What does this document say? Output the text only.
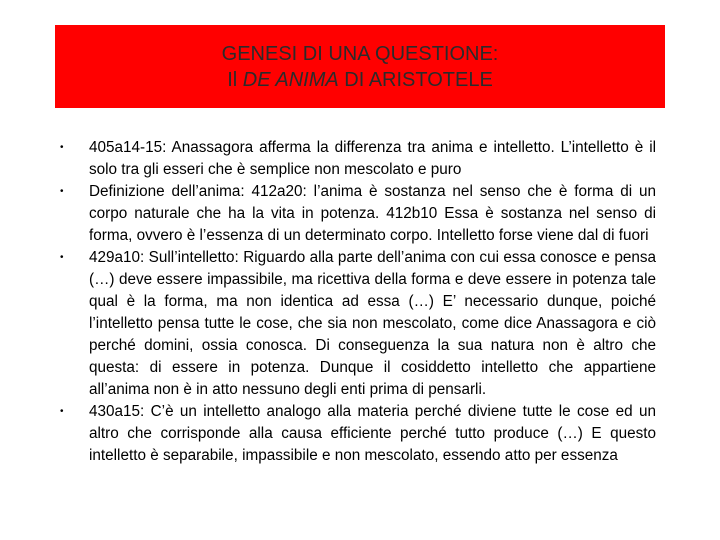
GENESI DI UNA QUESTIONE:
Il DE ANIMA DI ARISTOTELE
•	405a14-15: Anassagora afferma la differenza tra anima e intelletto. L’intelletto è il solo tra gli esseri che è semplice non mescolato e puro
•	Definizione dell’anima: 412a20: l’anima è sostanza nel senso che è forma di un corpo naturale che ha la vita in potenza. 412b10 Essa è sostanza nel senso di forma, ovvero è l’essenza di un determinato corpo. Intelletto forse viene dal di fuori
•	429a10: Sull’intelletto: Riguardo alla parte dell’anima con cui essa conosce e pensa (…) deve essere impassibile, ma ricettiva della forma e deve essere in potenza tale qual è la forma, ma non identica ad essa (…) E’ necessario dunque, poiché l’intelletto pensa tutte le cose, che sia non mescolato, come dice Anassagora e ciò perché domini, ossia conosca. Di conseguenza la sua natura non è altro che questa: di essere in potenza. Dunque il cosiddetto intelletto che appartiene all’anima non è in atto nessuno degli enti prima di pensarli.
•	430a15: C’è un intelletto analogo alla materia perché diviene tutte le cose ed un altro che corrisponde alla causa efficiente perché tutto produce (…) E questo intelletto è separabile, impassibile e non mescolato, essendo atto per essenza
